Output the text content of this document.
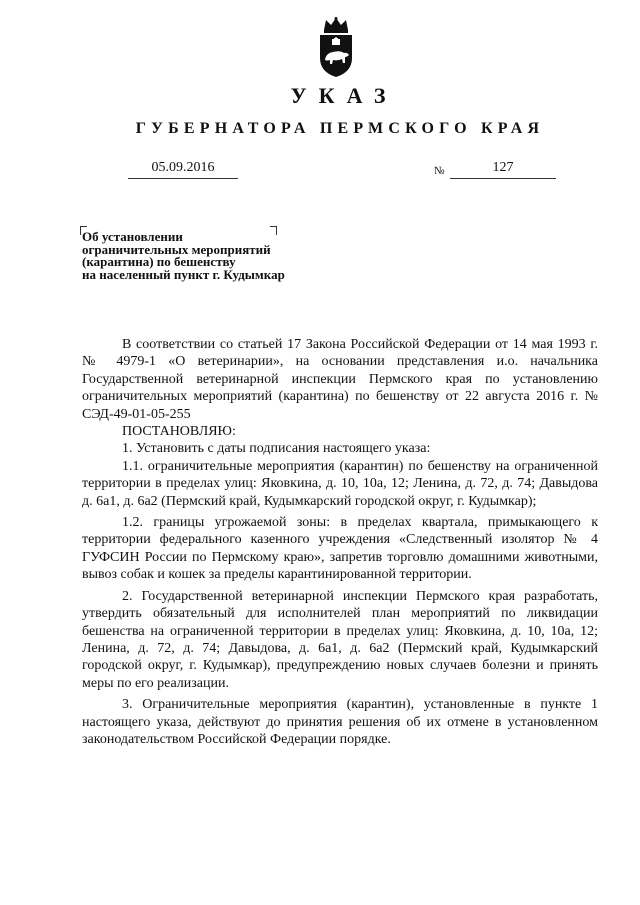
УКАЗ
ГУБЕРНАТОРА ПЕРМСКОГО КРАЯ
05.09.2016	№	127
Об установлении
ограничительных мероприятий
(карантина) по бешенству
на населенный пункт г. Кудымкар

В соответствии со статьей 17 Закона Российской Федерации от 14 мая 1993 г. № 4979-1 «О ветеринарии», на основании представления и.о. начальника Государственной ветеринарной инспекции Пермского края по установлению ограничительных мероприятий (карантина) по бешенству от 22 августа 2016 г. № СЭД-49-01-05-255

ПОСТАНОВЛЯЮ:

1. Установить с даты подписания настоящего указа:

1.1. ограничительные мероприятия (карантин) по бешенству на ограниченной территории в пределах улиц: Яковкина, д. 10, 10а, 12; Ленина, д. 72, д. 74; Давыдова д. 6а1, д. 6а2 (Пермский край, Кудымкарский городской округ, г. Кудымкар);

1.2. границы угрожаемой зоны: в пределах квартала, примыкающего к территории федерального казенного учреждения «Следственный изолятор № 4 ГУФСИН России по Пермскому краю», запретив торговлю домашними животными, вывоз собак и кошек за пределы карантинированной территории.

2. Государственной ветеринарной инспекции Пермского края разработать, утвердить обязательный для исполнителей план мероприятий по ликвидации бешенства на ограниченной территории в пределах улиц: Яковкина, д. 10, 10а, 12; Ленина, д. 72, д. 74; Давыдова, д. 6а1, д. 6а2 (Пермский край, Кудымкарский городской округ, г. Кудымкар), предупреждению новых случаев болезни и принять меры по его реализации.

3. Ограничительные мероприятия (карантин), установленные в пункте 1 настоящего указа, действуют до принятия решения об их отмене в установленном законодательством Российской Федерации порядке.
